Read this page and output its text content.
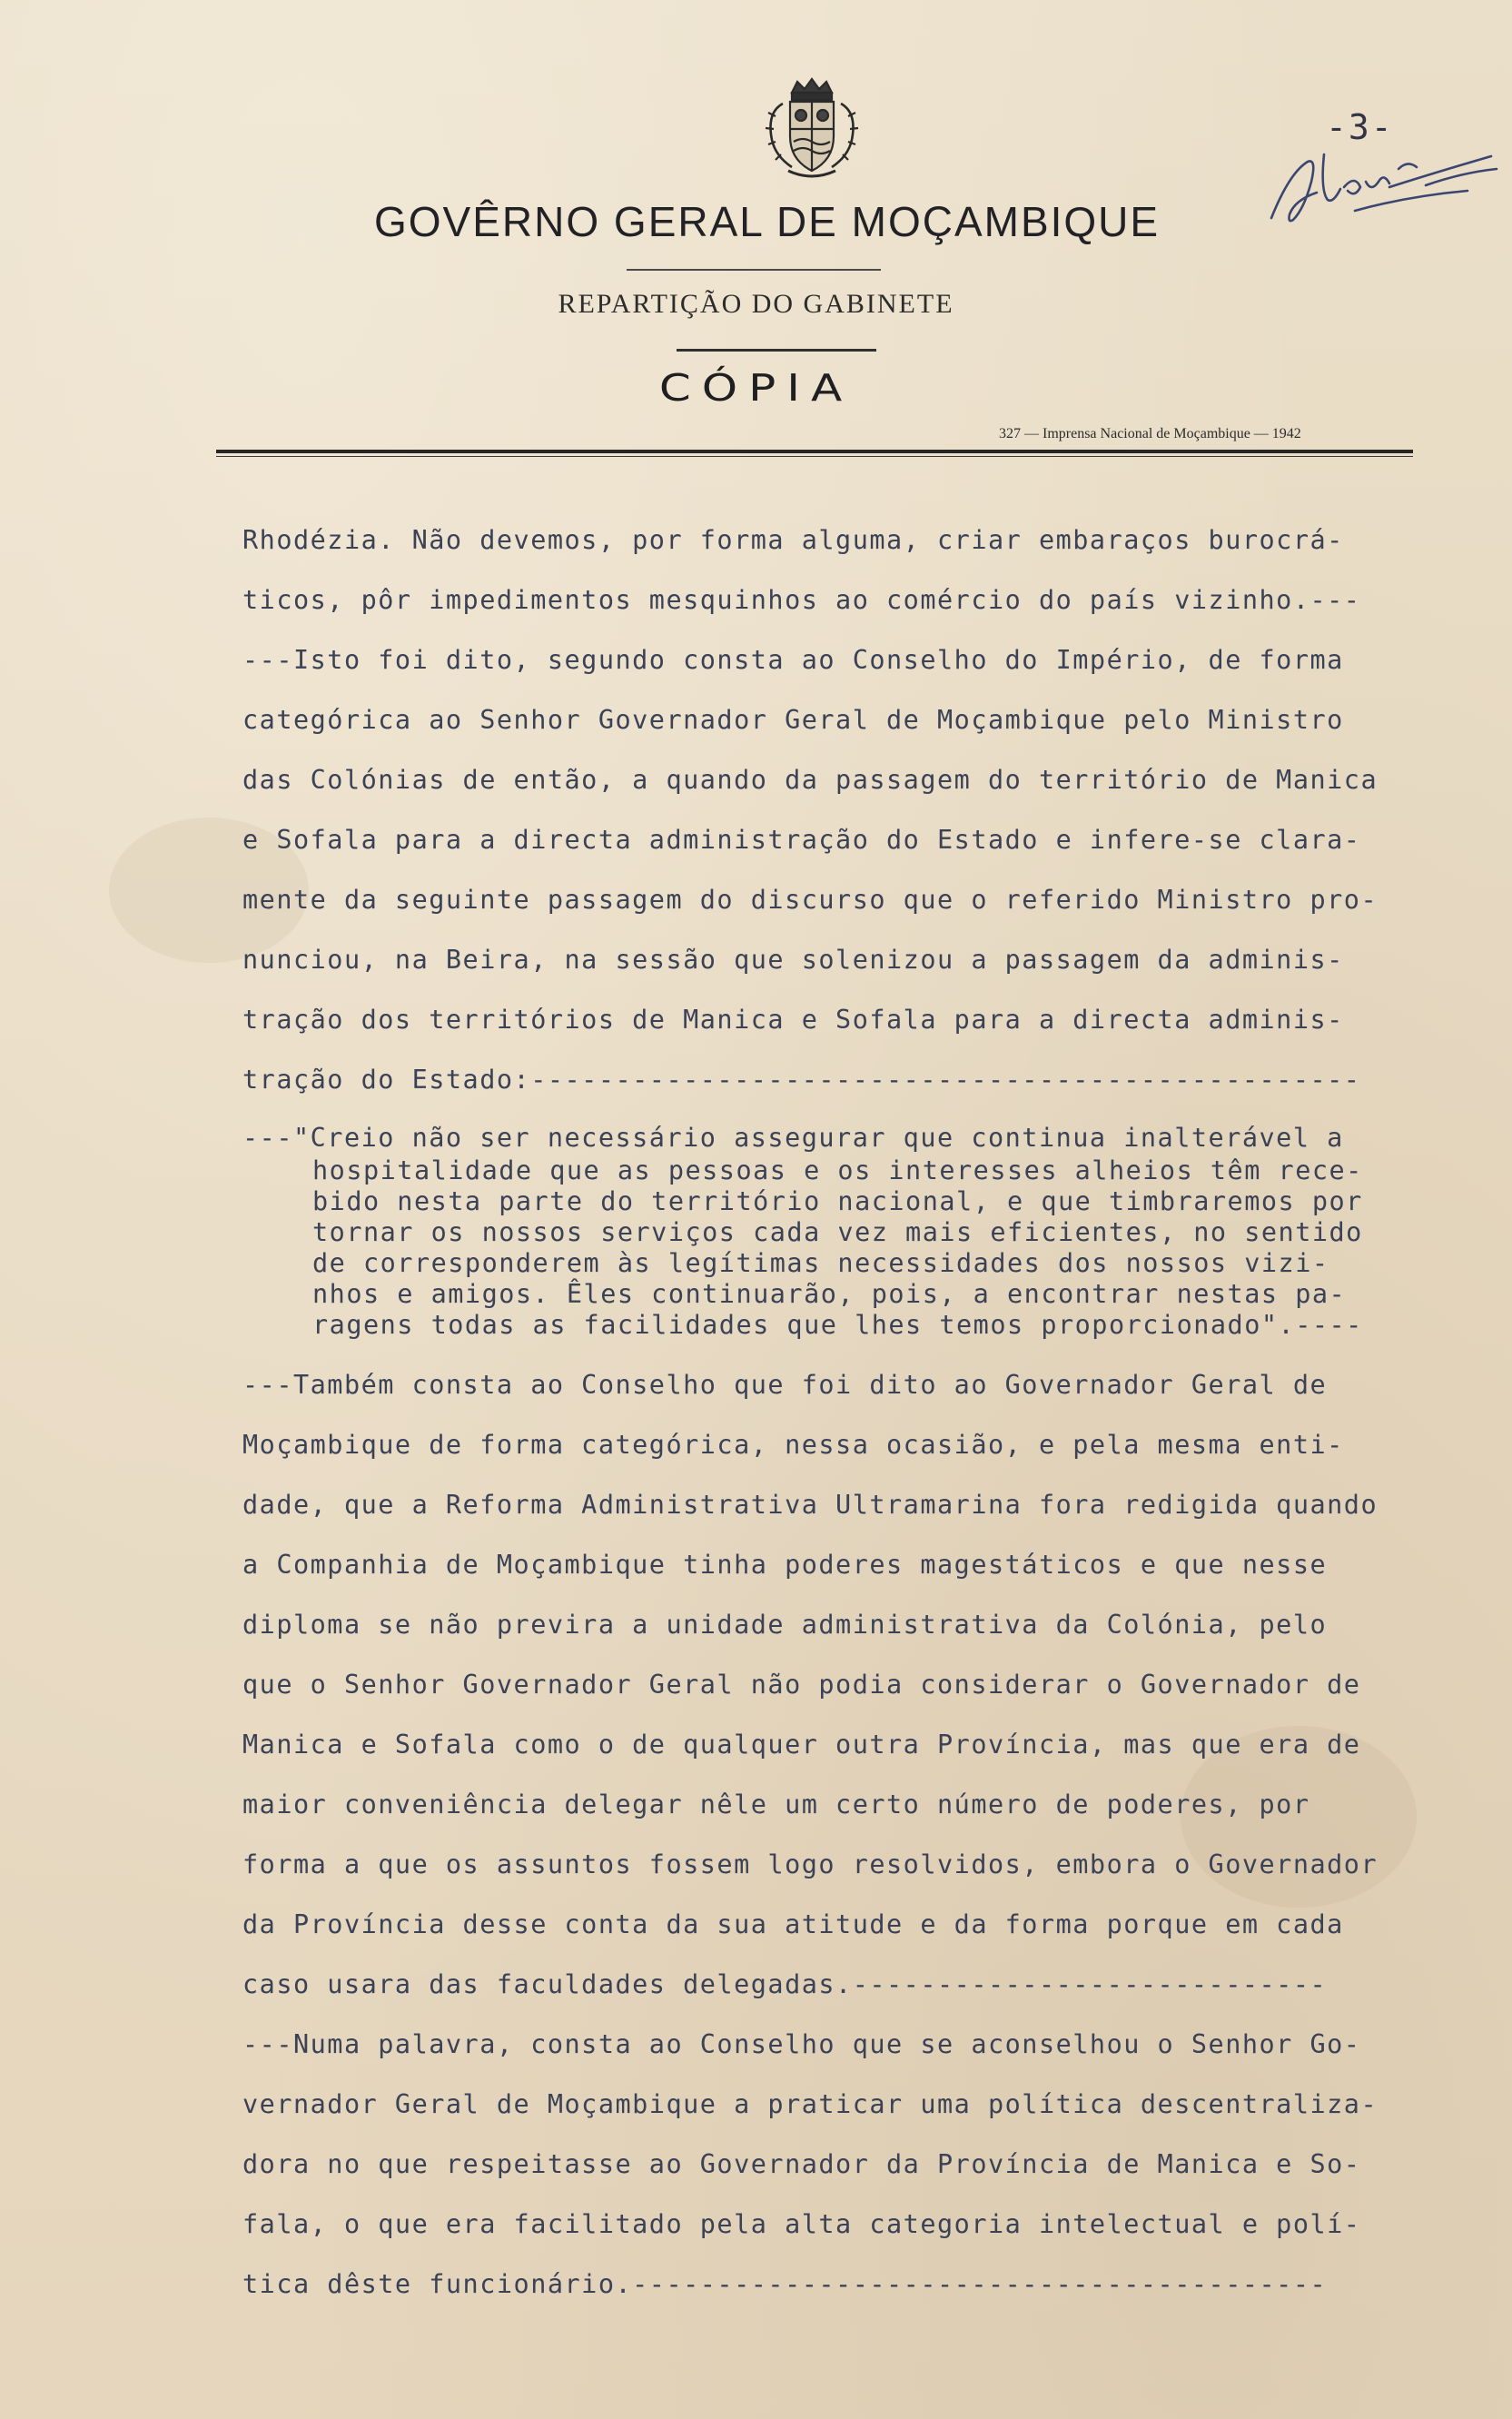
-3-
GOVÊRNO GERAL DE MOÇAMBIQUE
REPARTIÇÃO DO GABINETE
CÓPIA
327 — Imprensa Nacional de Moçambique — 1942
Rhodézia. Não devemos, por forma alguma, criar embaraços burocrá-
ticos, pôr impedimentos mesquinhos ao comércio do país vizinho.---
---Isto foi dito, segundo consta ao Conselho do Império, de forma
categórica ao Senhor Governador Geral de Moçambique pelo Ministro
das Colónias de então, a quando da passagem do território de Manica
e Sofala para a directa administração do Estado e infere-se clara-
mente da seguinte passagem do discurso que o referido Ministro pro-
nunciou, na Beira, na sessão que solenizou a passagem da adminis-
tração dos territórios de Manica e Sofala para a directa adminis-
tração do Estado:-------------------------------------------------
---"Creio não ser necessário assegurar que continua inalterável a
hospitalidade que as pessoas e os interesses alheios têm rece-
bido nesta parte do território nacional, e que timbraremos por
tornar os nossos serviços cada vez mais eficientes, no sentido
de corresponderem às legítimas necessidades dos nossos vizi-
nhos e amigos. Êles continuarão, pois, a encontrar nestas pa-
ragens todas as facilidades que lhes temos proporcionado".----
---Também consta ao Conselho que foi dito ao Governador Geral de
Moçambique de forma categórica, nessa ocasião, e pela mesma enti-
dade, que a Reforma Administrativa Ultramarina fora redigida quando
a Companhia de Moçambique tinha poderes magestáticos e que nesse
diploma se não previra a unidade administrativa da Colónia, pelo
que o Senhor Governador Geral não podia considerar o Governador de
Manica e Sofala como o de qualquer outra Província, mas que era de
maior conveniência delegar nêle um certo número de poderes, por
forma a que os assuntos fossem logo resolvidos, embora o Governador
da Província desse conta da sua atitude e da forma porque em cada
caso usara das faculdades delegadas.----------------------------
---Numa palavra, consta ao Conselho que se aconselhou o Senhor Go-
vernador Geral de Moçambique a praticar uma política descentraliza-
dora no que respeitasse ao Governador da Província de Manica e So-
fala, o que era facilitado pela alta categoria intelectual e polí-
tica dêste funcionário.-----------------------------------------
